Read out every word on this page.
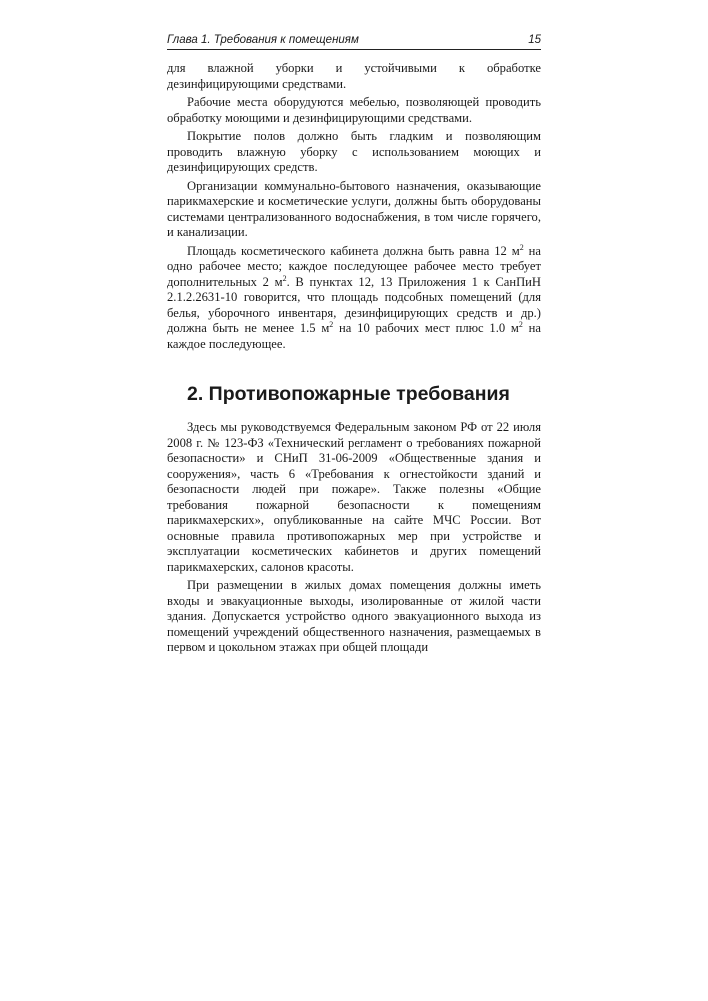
Глава 1. Требования к помещениям	15

для влажной уборки и устойчивыми к обработке дезинфицирующими средствами.

Рабочие места оборудуются мебелью, позволяющей проводить обработку моющими и дезинфицирующими средствами.

Покрытие полов должно быть гладким и позволяющим проводить влажную уборку с использованием моющих и дезинфицирующих средств.

Организации коммунально-бытового назначения, оказывающие парикмахерские и косметические услуги, должны быть оборудованы системами централизованного водоснабжения, в том числе горячего, и канализации.

Площадь косметического кабинета должна быть равна 12 $м^2$ на одно рабочее место; каждое последующее рабочее место требует дополнительных 2 $м^2$. В пунктах 12, 13 Приложения 1 к СанПиН 2.1.2.2631-10 говорится, что площадь подсобных помещений (для белья, уборочного инвентаря, дезинфицирующих средств и др.) должна быть не менее 1.5 $м^2$ на 10 рабочих мест плюс 1.0 $м^2$ на каждое последующее.

2. Противопожарные требования

Здесь мы руководствуемся Федеральным законом РФ от 22 июля 2008 г. № 123-ФЗ «Технический регламент о требованиях пожарной безопасности» и СНиП 31-06-2009 «Общественные здания и сооружения», часть 6 «Требования к огнестойкости зданий и безопасности людей при пожаре». Также полезны «Общие требования пожарной безопасности к помещениям парикмахерских», опубликованные на сайте МЧС России. Вот основные правила противопожарных мер при устройстве и эксплуатации косметических кабинетов и других помещений парикмахерских, салонов красоты.

При размещении в жилых домах помещения должны иметь входы и эвакуационные выходы, изолированные от жилой части здания. Допускается устройство одного эвакуационного выхода из помещений учреждений общественного назначения, размещаемых в первом и цокольном этажах при общей площади
